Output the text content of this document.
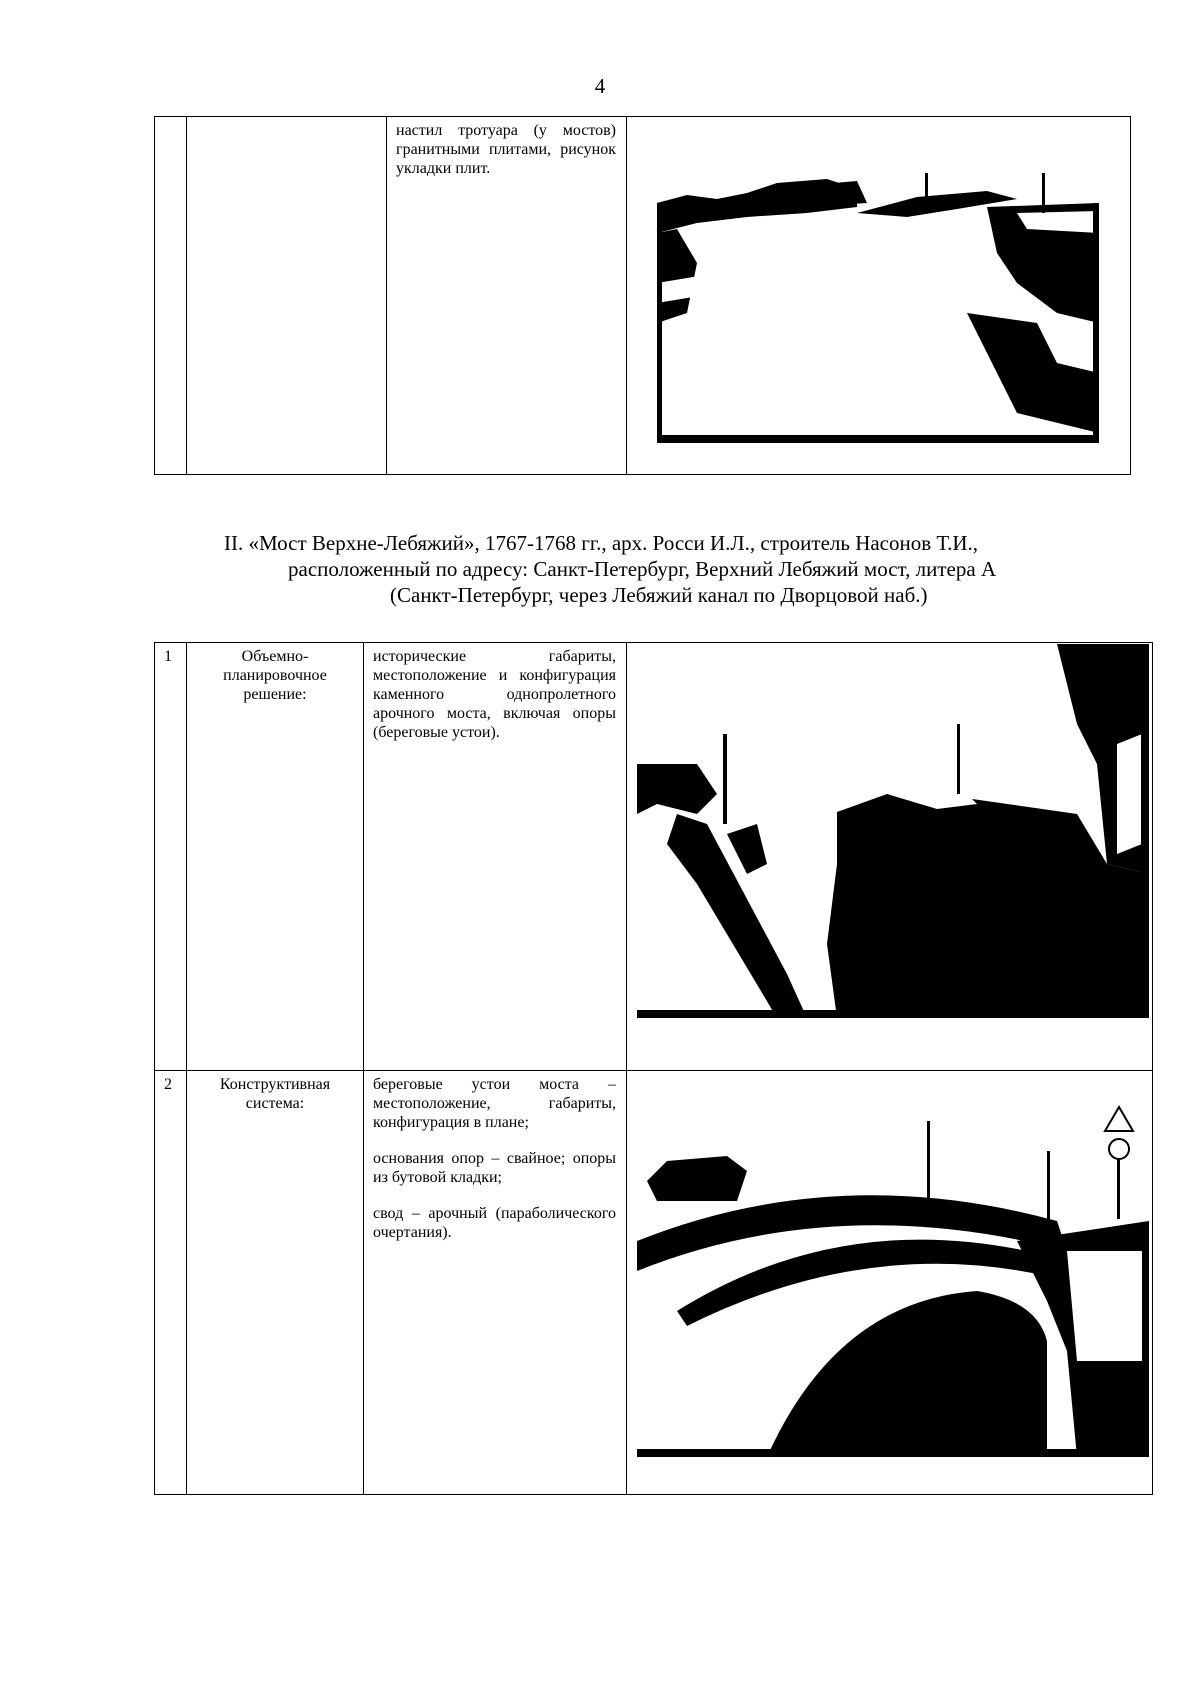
4

настил тротуара (у мостов) гранитными плитами, рисунок укладки плит.

II. «Мост Верхне-Лебяжий», 1767-1768 гг., арх. Росси И.Л., строитель Насонов Т.И.,
расположенный по адресу: Санкт-Петербург, Верхний Лебяжий мост, литера А
(Санкт-Петербург, через Лебяжий канал по Дворцовой наб.)
1	Объемно-планировочное решение:	исторические габариты, местоположение и конфигурация каменного однопролетного арочного моста, включая опоры (береговые устои).

2	Конструктивная система:	береговые устои моста – местоположение, габариты, конфигурация в плане;

основания опор – свайное; опоры из бутовой кладки;

свод – арочный (параболического очертания).
